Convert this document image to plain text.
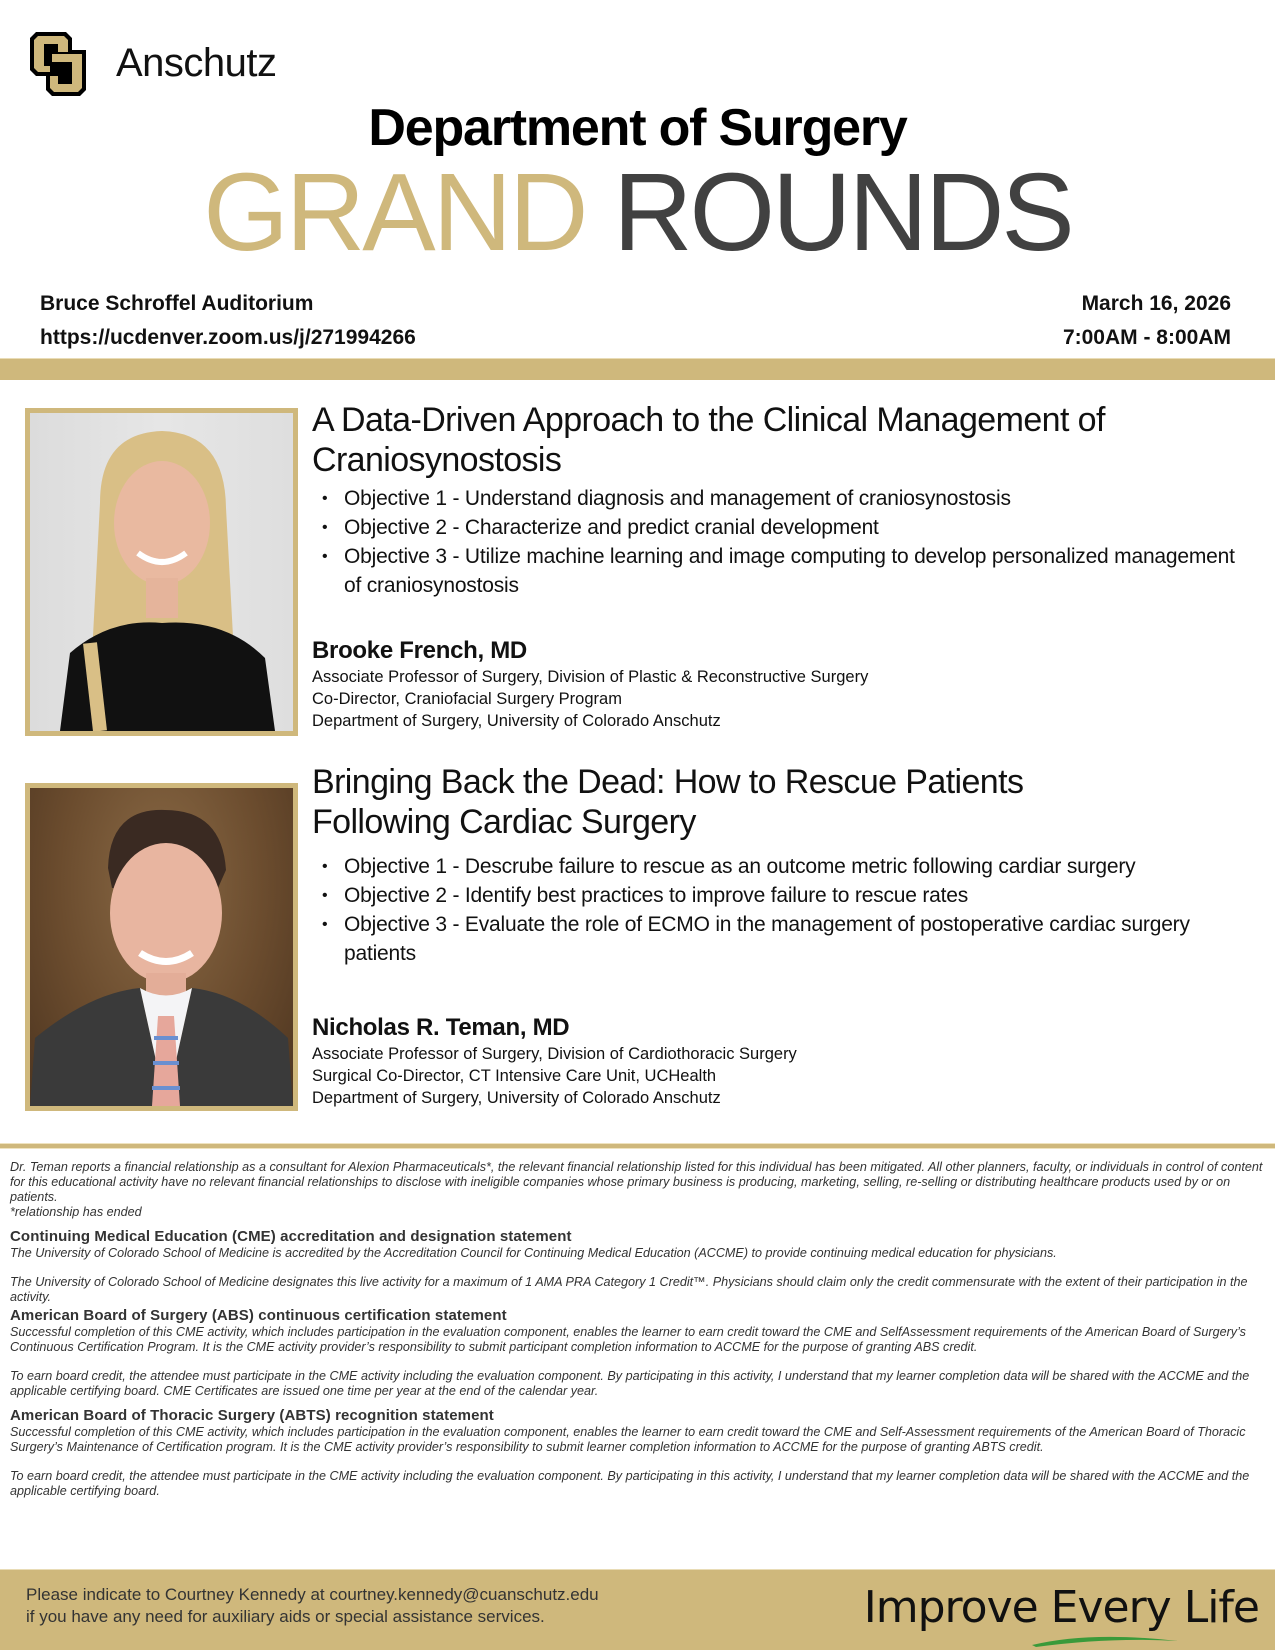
Anschutz
Department of Surgery
GRAND ROUNDS
Bruce Schroffel Auditorium
https://ucdenver.zoom.us/j/271994266
March 16, 2026
7:00AM - 8:00AM
A Data-Driven Approach to the Clinical Management of
Craniosynostosis
• Objective 1 - Understand diagnosis and management of craniosynostosis
• Objective 2 - Characterize and predict cranial development
• Objective 3 - Utilize machine learning and image computing to develop personalized management of craniosynostosis
Brooke French, MD
Associate Professor of Surgery, Division of Plastic & Reconstructive Surgery
Co-Director, Craniofacial Surgery Program
Department of Surgery, University of Colorado Anschutz
Bringing Back the Dead: How to Rescue Patients
Following Cardiac Surgery
• Objective 1 - Descrube failure to rescue as an outcome metric following cardiar surgery
• Objective 2 - Identify best practices to improve failure to rescue rates
• Objective 3 - Evaluate the role of ECMO in the management of postoperative cardiac surgery patients
Nicholas R. Teman, MD
Associate Professor of Surgery, Division of Cardiothoracic Surgery
Surgical Co-Director, CT Intensive Care Unit, UCHealth
Department of Surgery, University of Colorado Anschutz

Dr. Teman reports a financial relationship as a consultant for Alexion Pharmaceuticals*, the relevant financial relationship listed for this individual has been mitigated. All other planners, faculty, or individuals in control of content for this educational activity have no relevant financial relationships to disclose with ineligible companies whose primary business is producing, marketing, selling, re-selling or distributing healthcare products used by or on patients.

*relationship has ended

Continuing Medical Education (CME) accreditation and designation statement

The University of Colorado School of Medicine is accredited by the Accreditation Council for Continuing Medical Education (ACCME) to provide continuing medical education for physicians.

The University of Colorado School of Medicine designates this live activity for a maximum of 1 AMA PRA Category 1 Credit™. Physicians should claim only the credit commensurate with the extent of their participation in the activity.

American Board of Surgery (ABS) continuous certification statement

Successful completion of this CME activity, which includes participation in the evaluation component, enables the learner to earn credit toward the CME and SelfAssessment requirements of the American Board of Surgery’s Continuous Certification Program. It is the CME activity provider’s responsibility to submit participant completion information to ACCME for the purpose of granting ABS credit.

To earn board credit, the attendee must participate in the CME activity including the evaluation component. By participating in this activity, I understand that my learner completion data will be shared with the ACCME and the applicable certifying board. CME Certificates are issued one time per year at the end of the calendar year.

American Board of Thoracic Surgery (ABTS) recognition statement

Successful completion of this CME activity, which includes participation in the evaluation component, enables the learner to earn credit toward the CME and Self-Assessment requirements of the American Board of Thoracic Surgery’s Maintenance of Certification program. It is the CME activity provider’s responsibility to submit learner completion information to ACCME for the purpose of granting ABTS credit.

To earn board credit, the attendee must participate in the CME activity including the evaluation component. By participating in this activity, I understand that my learner completion data will be shared with the ACCME and the applicable certifying board.

Please indicate to Courtney Kennedy at courtney.kennedy@cuanschutz.edu
if you have any need for auxiliary aids or special assistance services.	Improve Every Life
